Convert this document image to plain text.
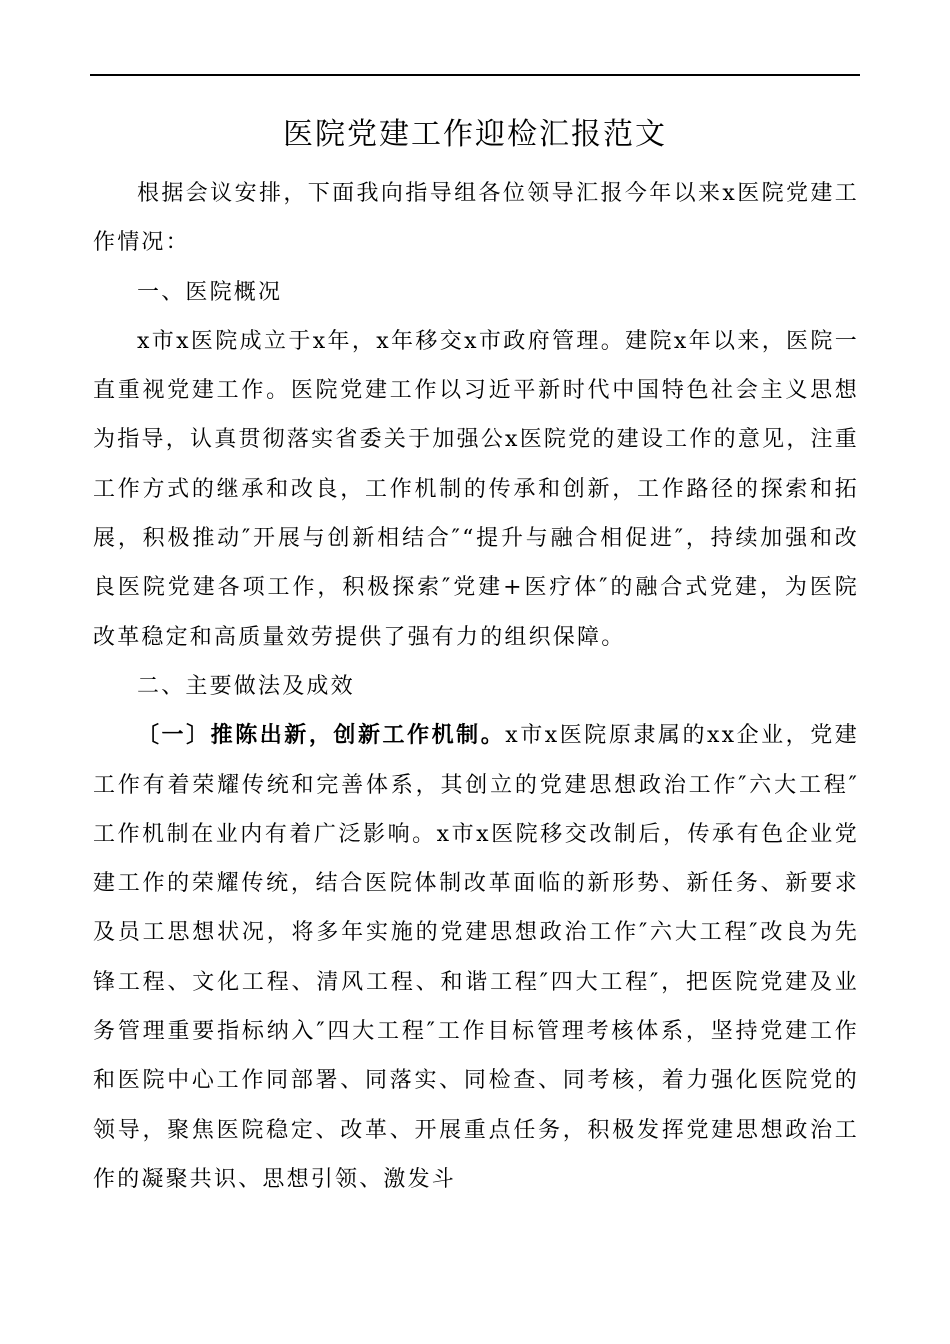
医院党建工作迎检汇报范文

根据会议安排，下面我向指导组各位领导汇报今年以来x医院党建工作情况：

一、医院概况

x市x医院成立于x年，x年移交x市政府管理。建院x年以来，医院一直重视党建工作。医院党建工作以习近平新时代中国特色社会主义思想为指导，认真贯彻落实省委关于加强公x医院党的建设工作的意见，注重工作方式的继承和改良，工作机制的传承和创新，工作路径的探索和拓展，积极推动″开展与创新相结合″“提升与融合相促进″，持续加强和改良医院党建各项工作，积极探索″党建+医疗体″的融合式党建，为医院改革稳定和高质量效劳提供了强有力的组织保障。

二、主要做法及成效

〔一〕推陈出新，创新工作机制。x市x医院原隶属的xx企业，党建工作有着荣耀传统和完善体系，其创立的党建思想政治工作″六大工程″工作机制在业内有着广泛影响。x市x医院移交改制后，传承有色企业党建工作的荣耀传统，结合医院体制改革面临的新形势、新任务、新要求及员工思想状况，将多年实施的党建思想政治工作″六大工程″改良为先锋工程、文化工程、清风工程、和谐工程″四大工程″，把医院党建及业务管理重要指标纳入″四大工程″工作目标管理考核体系，坚持党建工作和医院中心工作同部署、同落实、同检查、同考核，着力强化医院党的领导，聚焦医院稳定、改革、开展重点任务，积极发挥党建思想政治工作的凝聚共识、思想引领、激发斗
